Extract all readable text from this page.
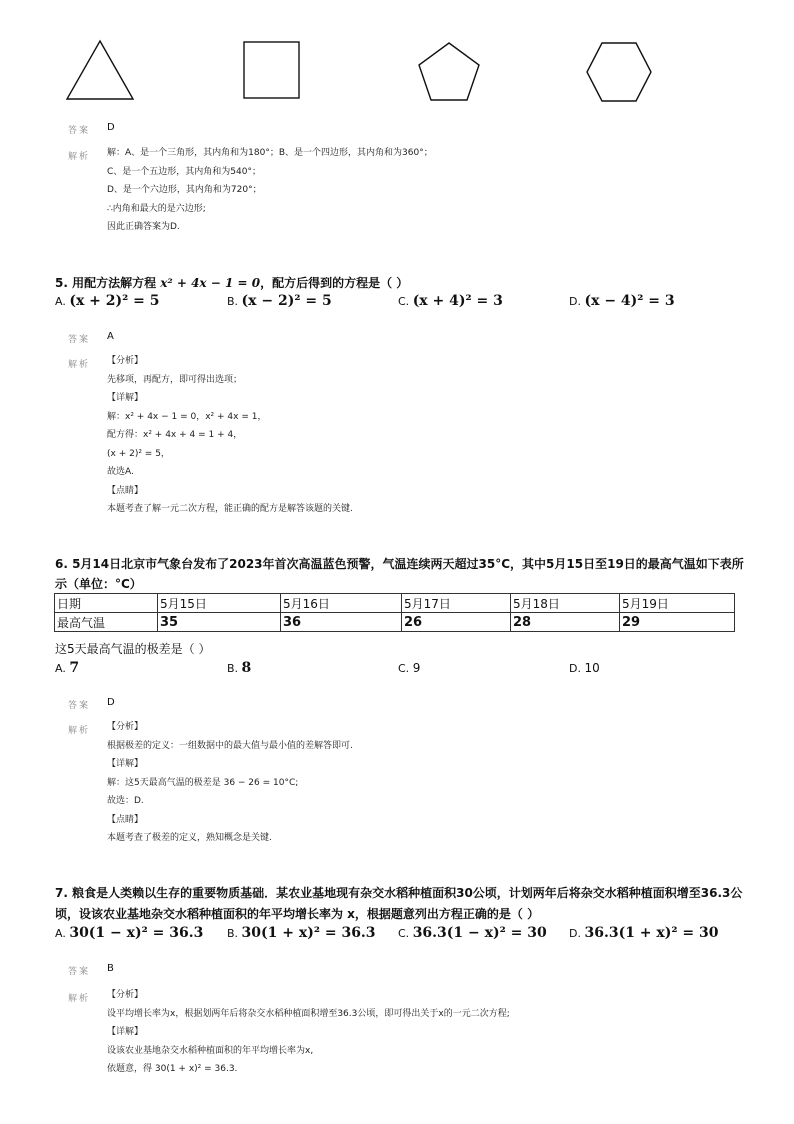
答案 D
解析 解：A、是一个三角形，其内角和为180°；B、是一个四边形，其内角和为360°；
C、是一个五边形，其内角和为540°；
D、是一个六边形，其内角和为720°；
∴内角和最大的是六边形;
因此正确答案为D.
5. 用配方法解方程 x² + 4x − 1 = 0，配方后得到的方程是（ ）
A. (x + 2)² = 5	B. (x − 2)² = 5	C. (x + 4)² = 3	D. (x − 4)² = 3
答案 A
解析 【分析】
先移项，再配方，即可得出选项；
【详解】
解：x² + 4x − 1 = 0，x² + 4x = 1，
配方得：x² + 4x + 4 = 1 + 4，
(x + 2)² = 5，
故选A.
【点睛】
本题考查了解一元二次方程，能正确的配方是解答该题的关键.
6. 5月14日北京市气象台发布了2023年首次高温蓝色预警，气温连续两天超过35°C，其中5月15日至19日的最高气温如下表所
示（单位：°C）
日期	5月15日	5月16日	5月17日	5月18日	5月19日
最高气温	35	36	26	28	29
这5天最高气温的极差是（ ）
A. 7	B. 8	C. 9	D. 10
答案 D
解析 【分析】
根据极差的定义：一组数据中的最大值与最小值的差解答即可.
【详解】
解：这5天最高气温的极差是 36 − 26 = 10°C;
故选：D.
【点睛】
本题考查了极差的定义，熟知概念是关键.
7. 粮食是人类赖以生存的重要物质基础．某农业基地现有杂交水稻种植面积30公顷，计划两年后将杂交水稻种植面积增至36.3公
顷，设该农业基地杂交水稻种植面积的年平均增长率为 x，根据题意列出方程正确的是（ ）
A. 30(1 − x)² = 36.3 B. 30(1 + x)² = 36.3 C. 36.3(1 − x)² = 30 D. 36.3(1 + x)² = 30
答案 B
解析 【分析】
设平均增长率为x，根据划两年后将杂交水稻种植面积增至36.3公顷，即可得出关于x的一元二次方程;
【详解】
设该农业基地杂交水稻种植面积的年平均增长率为x,
依题意，得 30(1 + x)² = 36.3.
